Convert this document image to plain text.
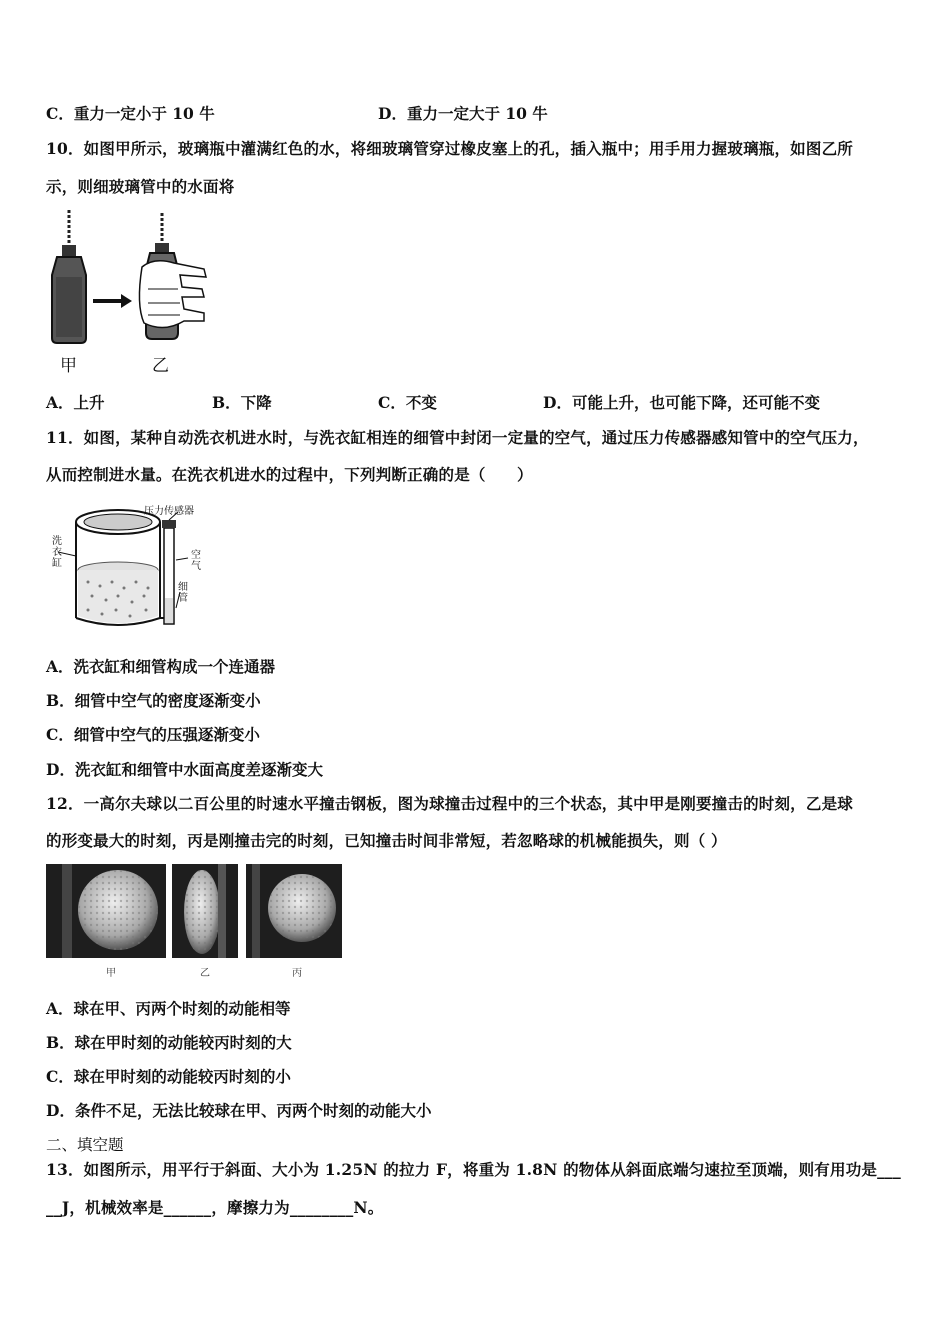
C．重力一定小于 10 牛	D．重力一定大于 10 牛
10．如图甲所示，玻璃瓶中灌满红色的水，将细玻璃管穿过橡皮塞上的孔，插入瓶中；用手用力握玻璃瓶，如图乙所
示，则细玻璃管中的水面将
甲	乙
A．上升	B．下降	C．不变	D．可能上升，也可能下降，还可能不变
11．如图，某种自动洗衣机进水时，与洗衣缸相连的细管中封闭一定量的空气，通过压力传感器感知管中的空气压力，
从而控制进水量。在洗衣机进水的过程中，下列判断正确的是（　　）
压力传感器
洗衣缸
空气
细管
A．洗衣缸和细管构成一个连通器
B．细管中空气的密度逐渐变小
C．细管中空气的压强逐渐变小
D．洗衣缸和细管中水面高度差逐渐变大
12．一高尔夫球以二百公里的时速水平撞击钢板，图为球撞击过程中的三个状态，其中甲是刚要撞击的时刻，乙是球
的形变最大的时刻，丙是刚撞击完的时刻，已知撞击时间非常短，若忽略球的机械能损失，则（ ）
甲	乙	丙
A．球在甲、丙两个时刻的动能相等
B．球在甲时刻的动能较丙时刻的大
C．球在甲时刻的动能较丙时刻的小
D．条件不足，无法比较球在甲、丙两个时刻的动能大小
二、填空题
13．如图所示，用平行于斜面、大小为 1.25N 的拉力 F，将重为 1.8N 的物体从斜面底端匀速拉至顶端，则有用功是___
__J，机械效率是______，摩擦力为________N。
